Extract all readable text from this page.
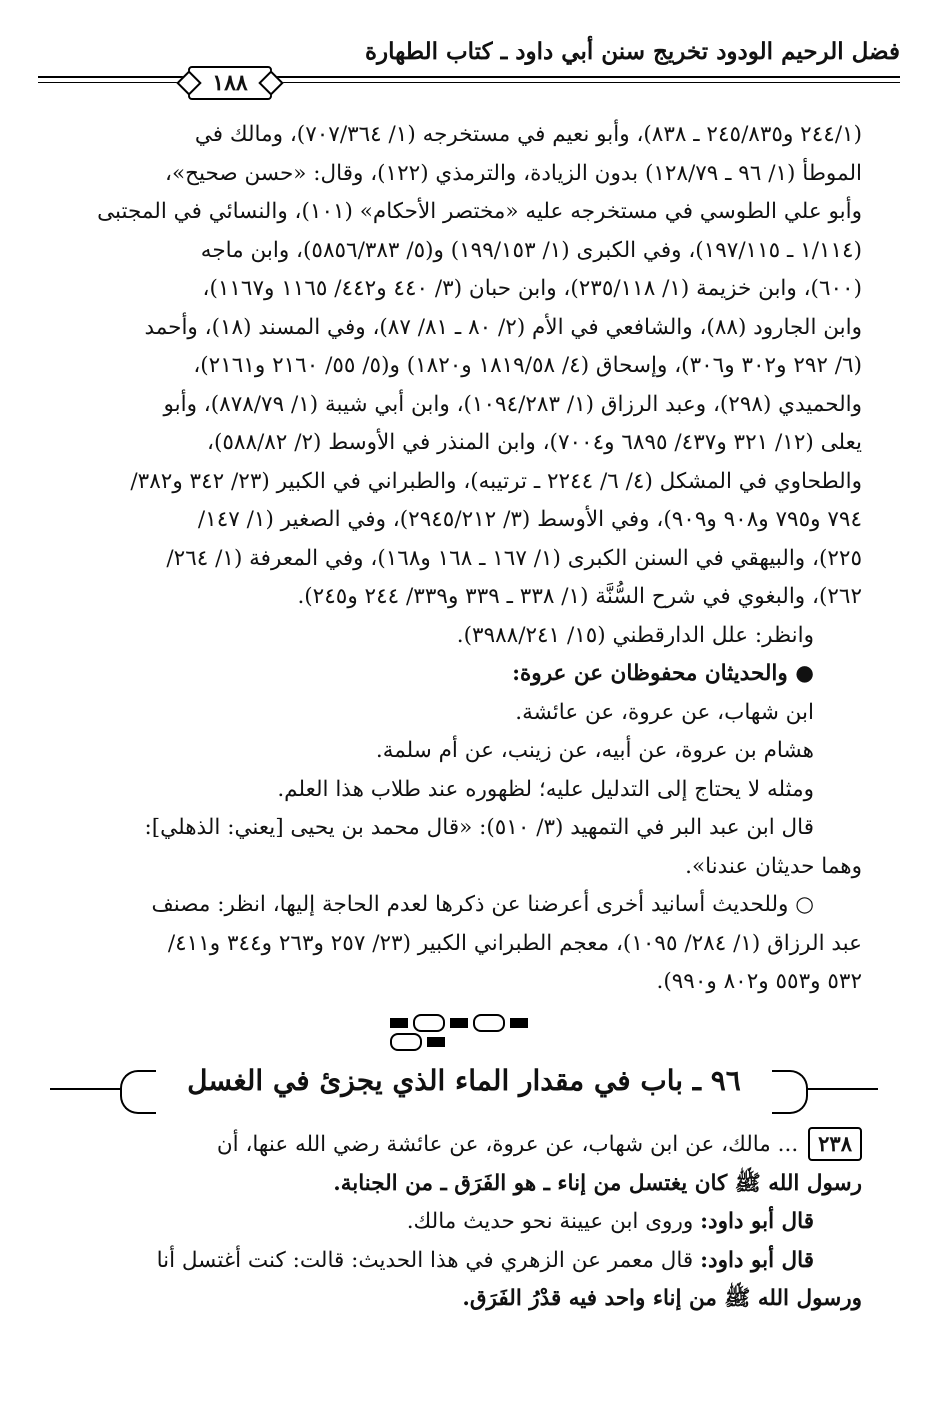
فضل الرحيم الودود تخريج سنن أبي داود ـ كتاب الطهارة
١٨٨

(٢٤٤/١ و٢٤٥/٨٣٥ ـ ٨٣٨)، وأبو نعيم في مستخرجه (١/ ٧٠٧/٣٦٤)، ومالك في

الموطأ (١/ ٩٦ ـ ١٢٨/٧٩) بدون الزيادة، والترمذي (١٢٢)، وقال: «حسن صحيح»،

وأبو علي الطوسي في مستخرجه عليه «مختصر الأحكام» (١٠١)، والنسائي في المجتبى

(١/١١٤ ـ ١٩٧/١١٥)، وفي الكبرى (١/ ١٩٩/١٥٣) و(٥/ ٥٨٥٦/٣٨٣)، وابن ماجه

(٦٠٠)، وابن خزيمة (١/ ٢٣٥/١١٨)، وابن حبان (٣/ ٤٤٠ و٤٤٢/ ١١٦٥ و١١٦٧)،

وابن الجارود (٨٨)، والشافعي في الأم (٢/ ٨٠ ـ ٨١/ ٨٧)، وفي المسند (١٨)، وأحمد

(٦/ ٢٩٢ و٣٠٢ و٣٠٦)، وإسحاق (٤/ ١٨١٩/٥٨ و١٨٢٠) و(٥/ ٥٥/ ٢١٦٠ و٢١٦١)،

والحميدي (٢٩٨)، وعبد الرزاق (١/ ١٠٩٤/٢٨٣)، وابن أبي شيبة (١/ ٨٧٨/٧٩)، وأبو

يعلى (١٢/ ٣٢١ و٤٣٧/ ٦٨٩٥ و٧٠٠٤)، وابن المنذر في الأوسط (٢/ ٥٨٨/٨٢)،

والطحاوي في المشكل (٤/ ٦/ ٢٢٤٤ ـ ترتيبه)، والطبراني في الكبير (٢٣/ ٣٤٢ و٣٨٢/

٧٩٤ و٧٩٥ و٩٠٨ و٩٠٩)، وفي الأوسط (٣/ ٢٩٤٥/٢١٢)، وفي الصغير (١/ ١٤٧/

٢٢٥)، والبيهقي في السنن الكبرى (١/ ١٦٧ ـ ١٦٨ و١٦٨)، وفي المعرفة (١/ ٢٦٤/

٢٦٢)، والبغوي في شرح السُّنَّة (١/ ٣٣٨ ـ ٣٣٩ و٣٣٩/ ٢٤٤ و٢٤٥).

وانظر: علل الدارقطني (١٥/ ٣٩٨٨/٢٤١).

● والحديثان محفوظان عن عروة:

ابن شهاب، عن عروة، عن عائشة.

هشام بن عروة، عن أبيه، عن زينب، عن أم سلمة.

ومثله لا يحتاج إلى التدليل عليه؛ لظهوره عند طلاب هذا العلم.

قال ابن عبد البر في التمهيد (٣/ ٥١٠): «قال محمد بن يحيى [يعني: الذهلي]:

وهما حديثان عندنا».

○ وللحديث أسانيد أخرى أعرضنا عن ذكرها لعدم الحاجة إليها، انظر: مصنف

عبد الرزاق (١/ ٢٨٤/ ١٠٩٥)، معجم الطبراني الكبير (٢٣/ ٢٥٧ و٢٦٣ و٣٤٤ و٤١١/

٥٣٢ و٥٥٣ و٨٠٢ و٩٩٠).

٩٦ ـ باب في مقدار الماء الذي يجزئ في الغسل

٢٣٨... مالك، عن ابن شهاب، عن عروة، عن عائشة رضي الله عنها، أن

رسول الله ﷺ كان يغتسل من إناء ـ هو الفَرَق ـ من الجنابة.

قال أبو داود: وروى ابن عيينة نحو حديث مالك.

قال أبو داود: قال معمر عن الزهري في هذا الحديث: قالت: كنت أغتسل أنا

ورسول الله ﷺ من إناء واحد فيه قدْرُ الفَرَق.
